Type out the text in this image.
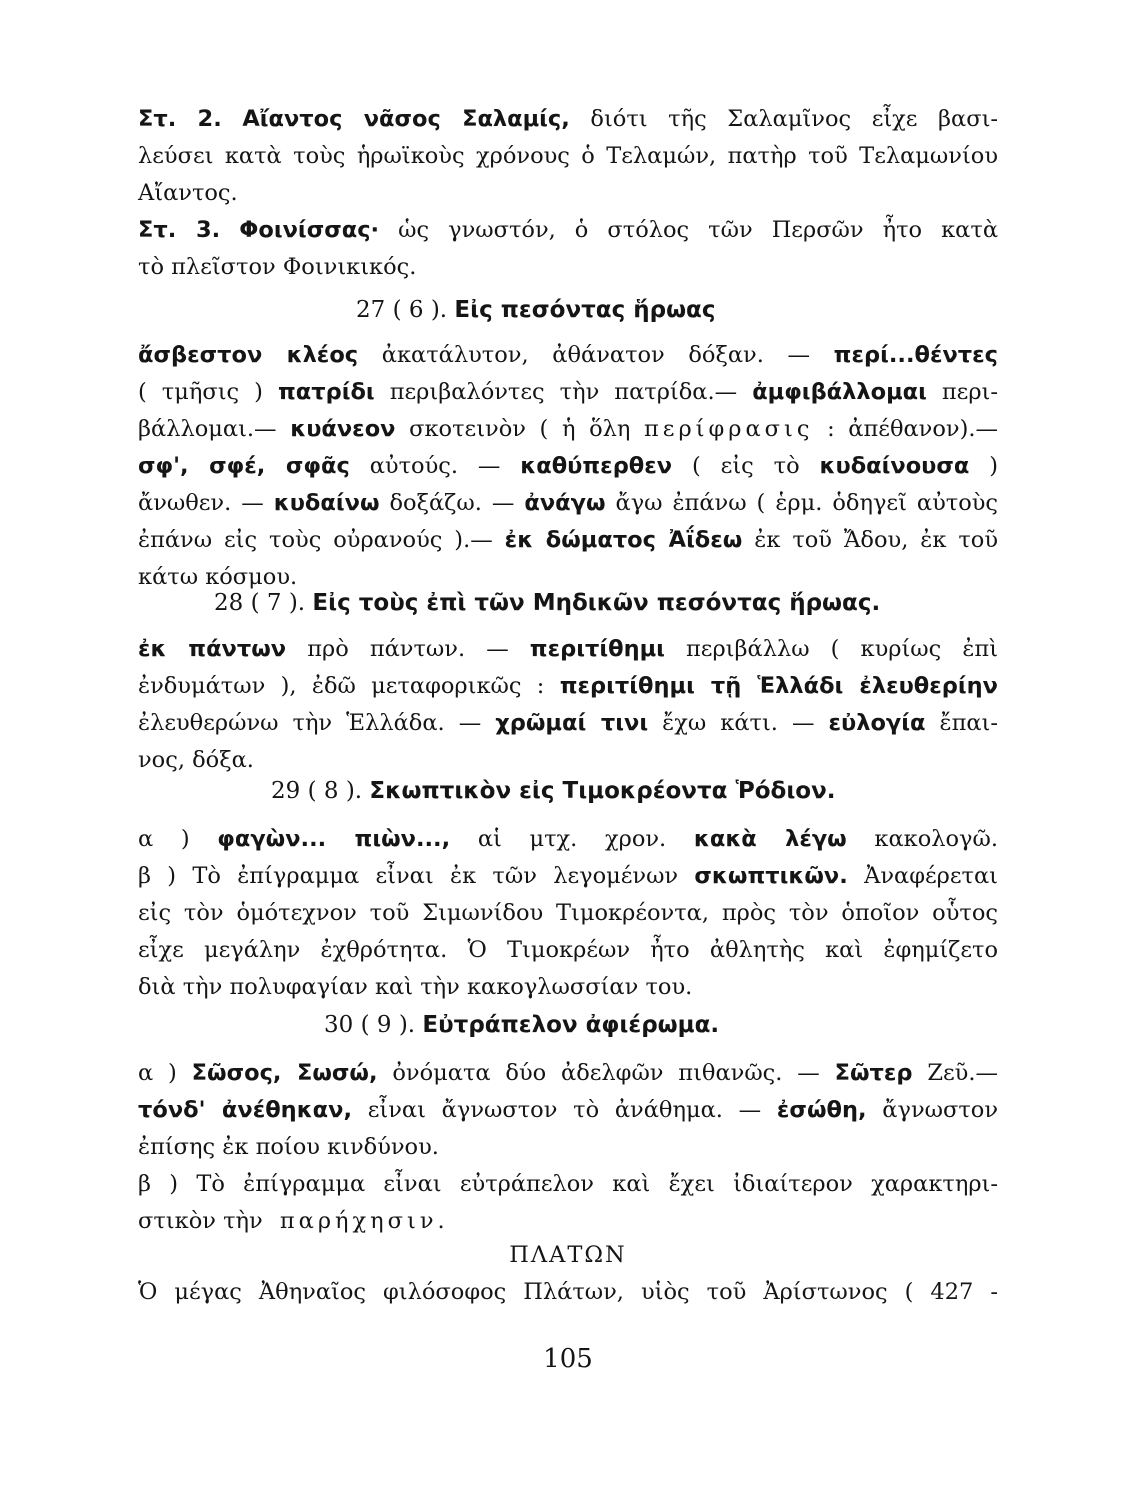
Στ. 2. Αἴαντος νᾶσος Σαλαμίς, διότι τῆς Σαλαμῖνος εἶχε βασι-
λεύσει κατὰ τοὺς ἡρωϊκοὺς χρόνους ὁ Τελαμών, πατὴρ τοῦ Τελαμωνίου
Αἴαντος.
Στ. 3. Φοινίσσας· ὡς γνωστόν, ὁ στόλος τῶν Περσῶν ἦτο κατὰ
τὸ πλεῖστον Φοινικικός.
27 ( 6 ). Εἰς πεσόντας ἥρωας
ἄσβεστον κλέος ἀκατάλυτον, ἀθάνατον δόξαν. — περί...θέντες
( τμῆσις ) πατρίδι περιβαλόντες τὴν πατρίδα.— ἀμφιβάλλομαι περι-
βάλλομαι.— κυάνεον σκοτεινὸν ( ἡ ὅλη περίφρασις : ἀπέθανον).—
σφ', σφέ, σφᾶς αὐτούς. — καθύπερθεν ( εἰς τὸ κυδαίνουσα )
ἄνωθεν. — κυδαίνω δοξάζω. — ἀνάγω ἄγω ἐπάνω ( ἑρμ. ὁδηγεῖ αὐτοὺς
ἐπάνω εἰς τοὺς οὐρανούς ).— ἐκ δώματος Ἀΐδεω ἐκ τοῦ Ἄδου, ἐκ τοῦ
κάτω κόσμου.
28 ( 7 ). Εἰς τοὺς ἐπὶ τῶν Μηδικῶν πεσόντας ἥρωας.
ἐκ πάντων πρὸ πάντων. — περιτίθημι περιβάλλω ( κυρίως ἐπὶ
ἐνδυμάτων ), ἐδῶ μεταφορικῶς : περιτίθημι τῇ Ἑλλάδι ἐλευθερίην
ἐλευθερώνω τὴν Ἑλλάδα. — χρῶμαί τινι ἔχω κάτι. — εὐλογία ἔπαι-
νος, δόξα.
29 ( 8 ). Σκωπτικὸν εἰς Τιμοκρέοντα Ῥόδιον.
α ) φαγὼν... πιὼν..., αἱ μτχ. χρον. κακὰ λέγω κακολογῶ.
β ) Τὸ ἐπίγραμμα εἶναι ἐκ τῶν λεγομένων σκωπτικῶν. Ἀναφέρεται
εἰς τὸν ὁμότεχνον τοῦ Σιμωνίδου Τιμοκρέοντα, πρὸς τὸν ὁποῖον οὗτος
εἶχε μεγάλην ἐχθρότητα. Ὁ Τιμοκρέων ἦτο ἀθλητὴς καὶ ἐφημίζετο
διὰ τὴν πολυφαγίαν καὶ τὴν κακογλωσσίαν του.
30 ( 9 ). Εὐτράπελον ἀφιέρωμα.
α ) Σῶσος, Σωσώ, ὀνόματα δύο ἀδελφῶν πιθανῶς. — Σῶτερ Ζεῦ.—
τόνδ' ἀνέθηκαν, εἶναι ἄγνωστον τὸ ἀνάθημα. — ἐσώθη, ἄγνωστον
ἐπίσης ἐκ ποίου κινδύνου.
β ) Τὸ ἐπίγραμμα εἶναι εὐτράπελον καὶ ἔχει ἰδιαίτερον χαρακτηρι-
στικὸν τὴν παρήχησιν.
ΠΛΑΤΩΝ
Ὁ μέγας Ἀθηναῖος φιλόσοφος Πλάτων, υἱὸς τοῦ Ἀρίστωνος ( 427 -
105
